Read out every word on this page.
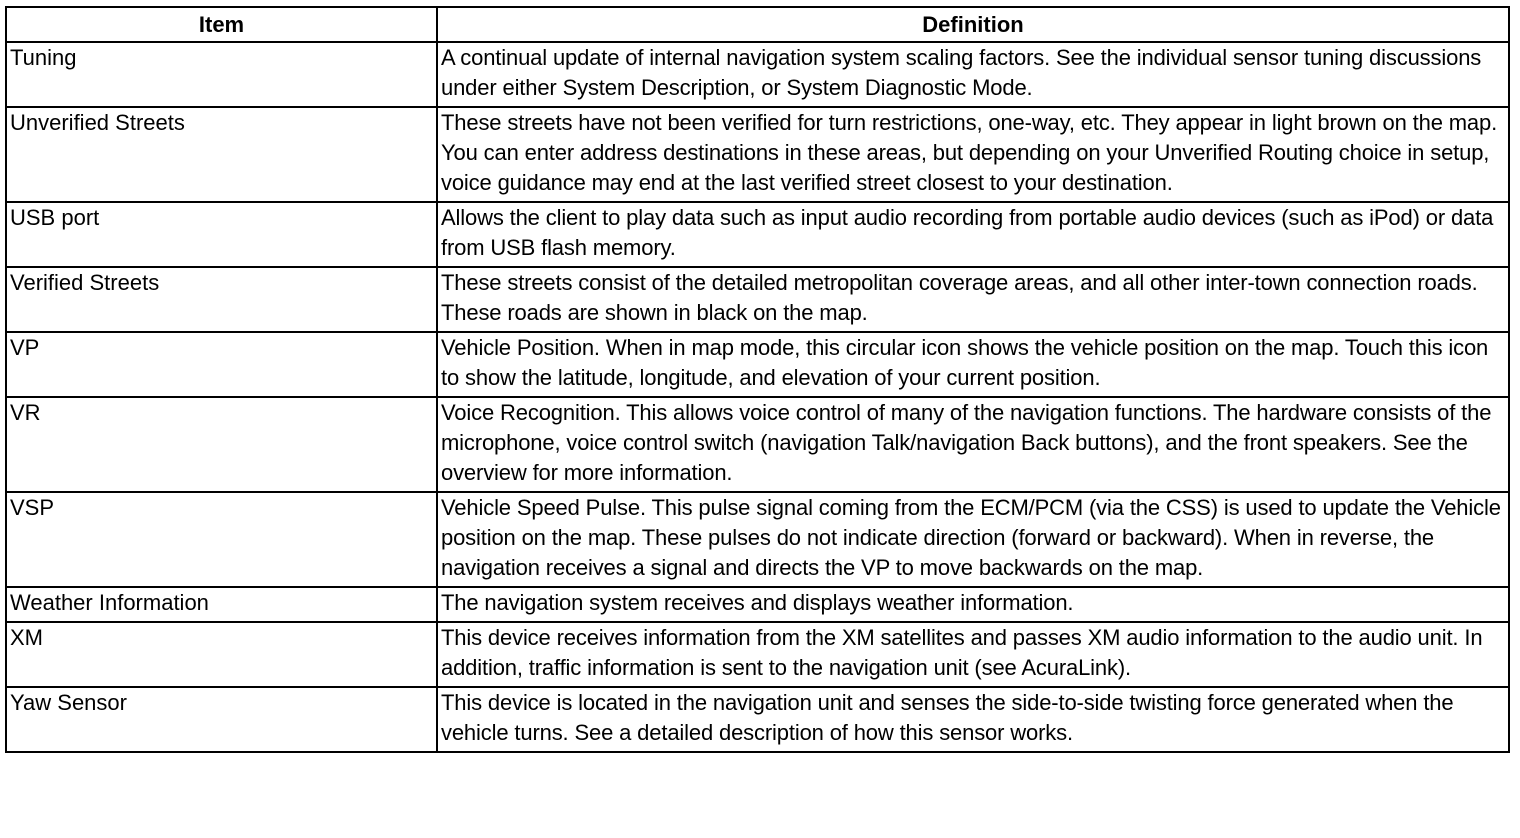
Item	Definition
Tuning	A continual update of internal navigation system scaling factors. See the individual sensor tuning discussions under either System Description, or System Diagnostic Mode.
Unverified Streets	These streets have not been verified for turn restrictions, one-way, etc. They appear in light brown on the map. You can enter address destinations in these areas, but depending on your Unverified Routing choice in setup, voice guidance may end at the last verified street closest to your destination.
USB port	Allows the client to play data such as input audio recording from portable audio devices (such as iPod) or data from USB flash memory.
Verified Streets	These streets consist of the detailed metropolitan coverage areas, and all other inter-town connection roads. These roads are shown in black on the map.
VP	Vehicle Position. When in map mode, this circular icon shows the vehicle position on the map. Touch this icon to show the latitude, longitude, and elevation of your current position.
VR	Voice Recognition. This allows voice control of many of the navigation functions. The hardware consists of the microphone, voice control switch (navigation Talk/navigation Back buttons), and the front speakers. See the overview for more information.
VSP	Vehicle Speed Pulse. This pulse signal coming from the ECM/PCM (via the CSS) is used to update the Vehicle position on the map. These pulses do not indicate direction (forward or backward). When in reverse, the navigation receives a signal and directs the VP to move backwards on the map.
Weather Information	The navigation system receives and displays weather information.
XM	This device receives information from the XM satellites and passes XM audio information to the audio unit. In addition, traffic information is sent to the navigation unit (see AcuraLink).
Yaw Sensor	This device is located in the navigation unit and senses the side-to-side twisting force generated when the vehicle turns. See a detailed description of how this sensor works.
